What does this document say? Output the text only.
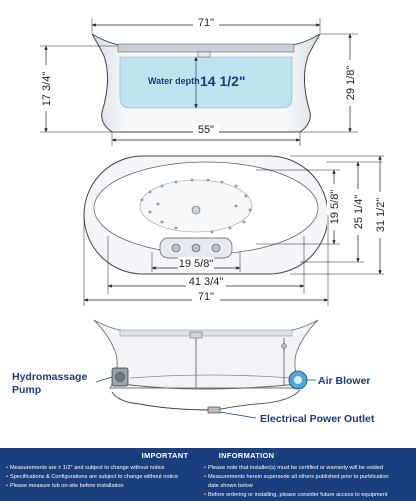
71"
17 3/4"	29 1/8"
Water depth 14 1/2"
55"
19 5/8" 25 1/4" 31 1/2"
19 5/8"
41 3/4"
71"
Hydromassage
Pump
Air Blower
Electrical Power Outlet
IMPORTANT	INFORMATION
• Measurements are ± 1/2" and subject to change without notice
• Specifications & Configurations are subject to change without notice
• Please measure tub on-site before installation
• Please note that installer(s) must be certified or warranty will be voided
• Measurements herein supersede all others published prior to purblication
date shown below
• Before ordering or installing, please consider future access to equipment
